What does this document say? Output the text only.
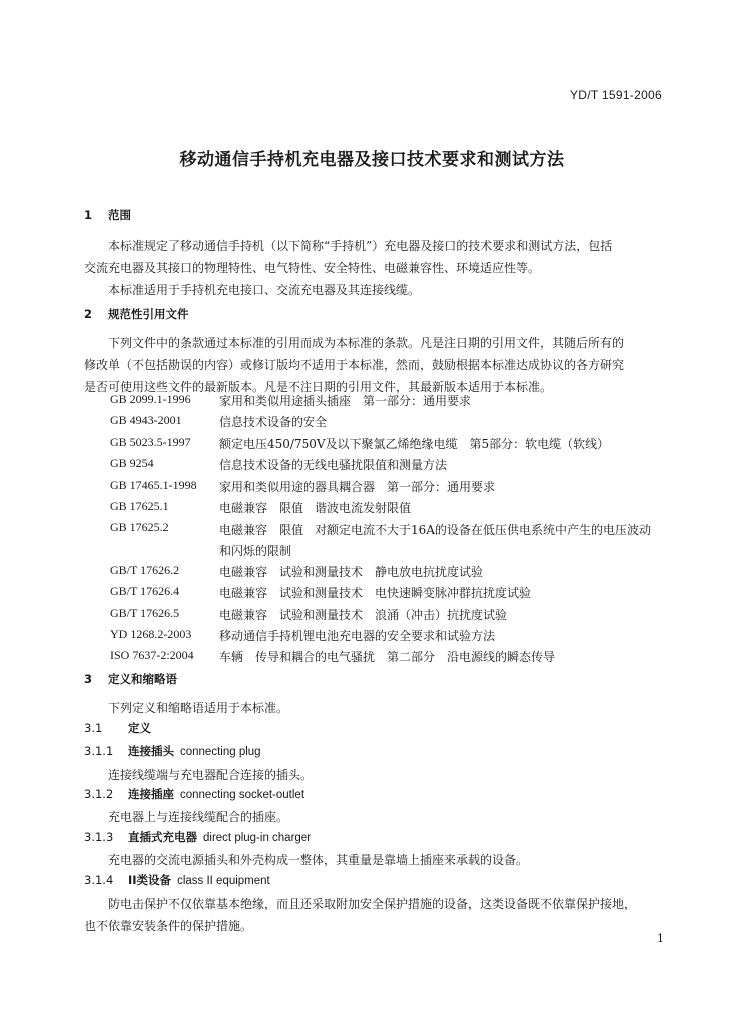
YD/T 1591-2006
移动通信手持机充电器及接口技术要求和测试方法
1 范围
本标准规定了移动通信手持机（以下简称“手持机”）充电器及接口的技术要求和测试方法，包括
交流充电器及其接口的物理特性、电气特性、安全特性、电磁兼容性、环境适应性等。
本标准适用于手持机充电接口、交流充电器及其连接线缆。
2 规范性引用文件
下列文件中的条款通过本标准的引用而成为本标准的条款。凡是注日期的引用文件，其随后所有的
修改单（不包括勘误的内容）或修订版均不适用于本标准，然而，鼓励根据本标准达成协议的各方研究
是否可使用这些文件的最新版本。凡是不注日期的引用文件，其最新版本适用于本标准。
GB 2099.1-1996 家用和类似用途插头插座　第一部分：通用要求
GB 4943-2001	信息技术设备的安全
GB 5023.5-1997 额定电压450/750V及以下聚氯乙烯绝缘电缆　第5部分：软电缆（软线）
GB 9254	信息技术设备的无线电骚扰限值和测量方法
GB 17465.1-1998 家用和类似用途的器具耦合器　第一部分：通用要求
GB 17625.1	电磁兼容　限值　谐波电流发射限值
GB 17625.2	电磁兼容　限值　对额定电流不大于16A的设备在低压供电系统中产生的电压波动和闪烁的限制
GB/T 17626.2	电磁兼容　试验和测量技术　静电放电抗扰度试验
GB/T 17626.4	电磁兼容　试验和测量技术　电快速瞬变脉冲群抗扰度试验
GB/T 17626.5	电磁兼容　试验和测量技术　浪涌（冲击）抗扰度试验
YD 1268.2-2003 移动通信手持机锂电池充电器的安全要求和试验方法
ISO 7637-2:2004 车辆　传导和耦合的电气骚扰　第二部分　沿电源线的瞬态传导
3 定义和缩略语
下列定义和缩略语适用于本标准。
3.1 定义
3.1.1 连接插头 connecting plug
连接线缆端与充电器配合连接的插头。
3.1.2 连接插座 connecting socket-outlet
充电器上与连接线缆配合的插座。
3.1.3 直插式充电器 direct plug-in charger
充电器的交流电源插头和外壳构成一整体，其重量是靠墙上插座来承载的设备。
3.1.4 II类设备 class II equipment
防电击保护不仅依靠基本绝缘，而且还采取附加安全保护措施的设备，这类设备既不依靠保护接地，
也不依靠安装条件的保护措施。
1
